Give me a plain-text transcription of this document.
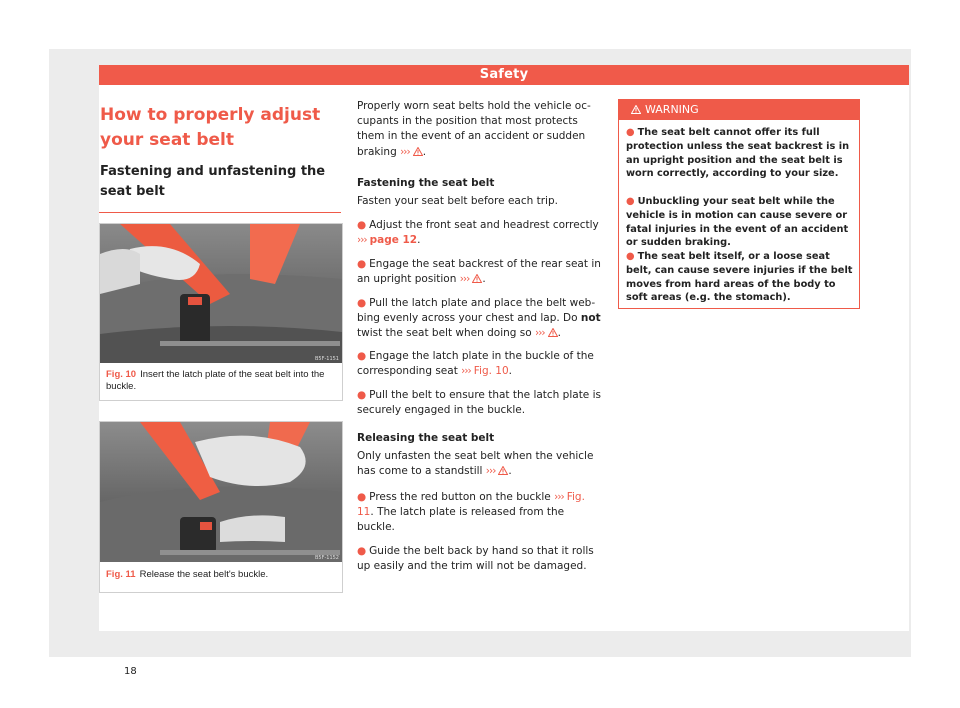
Safety
How to properly adjust your seat belt
Fastening and unfastening the seat belt
B5F-1151
Fig. 10 Insert the latch plate of the seat belt into the buckle.
B5F-1152
Fig. 11 Release the seat belt's buckle.
Properly worn seat belts hold the vehicle occupants in the position that most protects them in the event of an accident or sudden braking ››› .
Fastening the seat belt
Fasten your seat belt before each trip.
● Adjust the front seat and headrest correctly ››› page 12.
● Engage the seat backrest of the rear seat in an upright position ››› .
● Pull the latch plate and place the belt webbing evenly across your chest and lap. Do not twist the seat belt when doing so ››› .
● Engage the latch plate in the buckle of the corresponding seat ››› Fig. 10.
● Pull the belt to ensure that the latch plate is securely engaged in the buckle.
Releasing the seat belt
Only unfasten the seat belt when the vehicle has come to a standstill ››› .
● Press the red button on the buckle ››› Fig. 11. The latch plate is released from the buckle.
● Guide the belt back by hand so that it rolls up easily and the trim will not be damaged.
WARNING
● The seat belt cannot offer its full protection unless the seat backrest is in an upright position and the seat belt is worn correctly, according to your size.
● Unbuckling your seat belt while the vehicle is in motion can cause severe or fatal injuries in the event of an accident or sudden braking.
● The seat belt itself, or a loose seat belt, can cause severe injuries if the belt moves from hard areas of the body to soft areas (e.g. the stomach).
18
